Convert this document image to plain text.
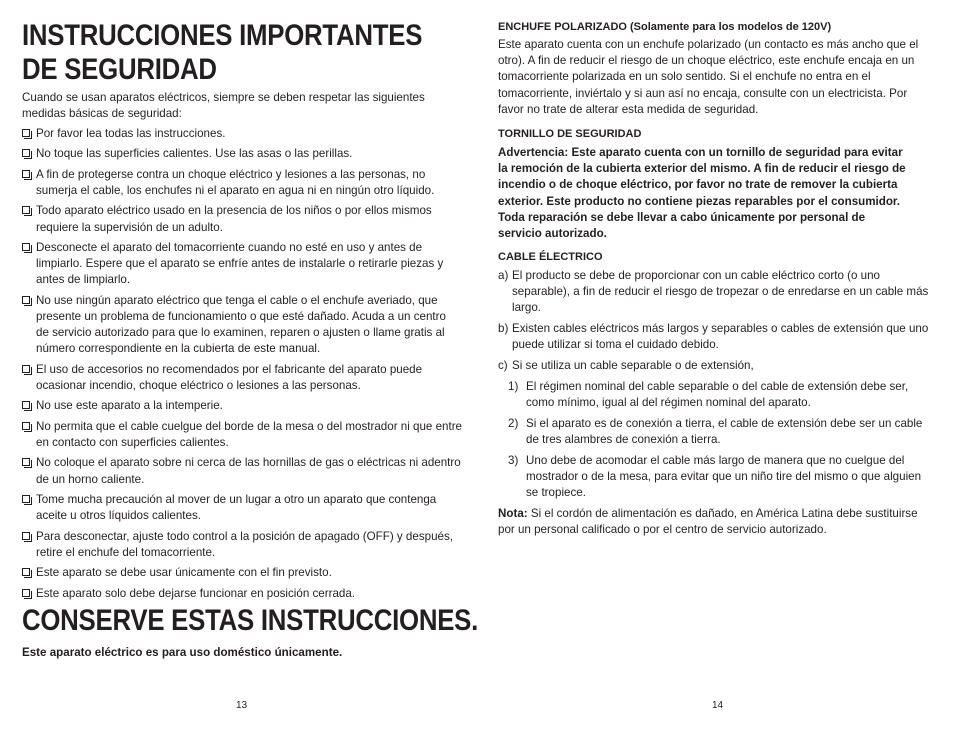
INSTRUCCIONES IMPORTANTES
DE SEGURIDAD
Cuando se usan aparatos eléctricos, siempre se deben respetar las siguientes medidas básicas de seguridad:
Por favor lea todas las instrucciones.
No toque las superficies calientes. Use las asas o las perillas.
A fin de protegerse contra un choque eléctrico y lesiones a las personas, no sumerja el cable, los enchufes ni el aparato en agua ni en ningún otro líquido.
Todo aparato eléctrico usado en la presencia de los niños o por ellos mismos requiere la supervisión de un adulto.
Desconecte el aparato del tomacorriente cuando no esté en uso y antes de limpiarlo. Espere que el aparato se enfríe antes de instalarle o retirarle piezas y antes de limpiarlo.
No use ningún aparato eléctrico que tenga el cable o el enchufe averiado, que presente un problema de funcionamiento o que esté dañado. Acuda a un centro de servicio autorizado para que lo examinen, reparen o ajusten o llame gratis al número correspondiente en la cubierta de este manual.
El uso de accesorios no recomendados por el fabricante del aparato puede ocasionar incendio, choque eléctrico o lesiones a las personas.
No use este aparato a la intemperie.
No permita que el cable cuelgue del borde de la mesa o del mostrador ni que entre en contacto con superficies calientes.
No coloque el aparato sobre ni cerca de las hornillas de gas o eléctricas ni adentro de un horno caliente.
Tome mucha precaución al mover de un lugar a otro un aparato que contenga aceite u otros líquidos calientes.
Para desconectar, ajuste todo control a la posición de apagado (OFF) y después, retire el enchufe del tomacorriente.
Este aparato se debe usar únicamente con el fin previsto.
Este aparato solo debe dejarse funcionar en posición cerrada.
CONSERVE ESTAS INSTRUCCIONES.
Este aparato eléctrico es para uso doméstico únicamente.
13
ENCHUFE POLARIZADO (Solamente para los modelos de 120V)
Este aparato cuenta con un enchufe polarizado (un contacto es más ancho que el otro). A fin de reducir el riesgo de un choque eléctrico, este enchufe encaja en un tomacorriente polarizada en un solo sentido. Si el enchufe no entra en el tomacorriente, inviértalo y si aun así no encaja, consulte con un electricista. Por favor no trate de alterar esta medida de seguridad.
TORNILLO DE SEGURIDAD
Advertencia: Este aparato cuenta con un tornillo de seguridad para evitar la remoción de la cubierta exterior del mismo. A fin de reducir el riesgo de incendio o de choque eléctrico, por favor no trate de remover la cubierta exterior. Este producto no contiene piezas reparables por el consumidor. Toda reparación se debe llevar a cabo únicamente por personal de servicio autorizado.
CABLE ÉLECTRICO
a) El producto se debe de proporcionar con un cable eléctrico corto (o uno separable), a fin de reducir el riesgo de tropezar o de enredarse en un cable más largo.
b) Existen cables eléctricos más largos y separables o cables de extensión que uno puede utilizar si toma el cuidado debido.
c) Si se utiliza un cable separable o de extensión,
1) El régimen nominal del cable separable o del cable de extensión debe ser, como mínimo, igual al del régimen nominal del aparato.
2) Si el aparato es de conexión a tierra, el cable de extensión debe ser un cable de tres alambres de conexión a tierra.
3) Uno debe de acomodar el cable más largo de manera que no cuelgue del mostrador o de la mesa, para evitar que un niño tire del mismo o que alguien se tropiece.
Nota: Si el cordón de alimentación es dañado, en América Latina debe sustituirse por un personal calificado o por el centro de servicio autorizado.
14
